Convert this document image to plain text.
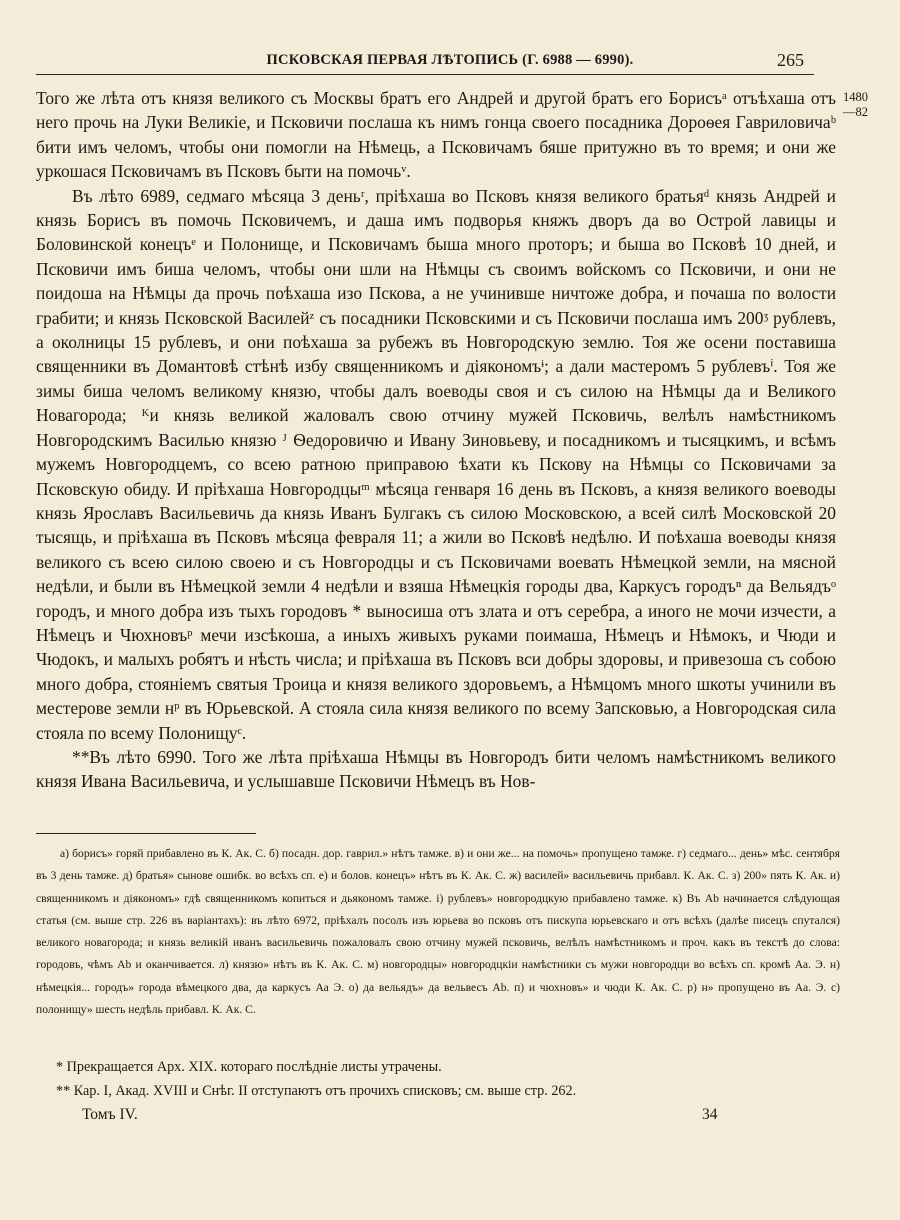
ПСКОВСКАЯ ПЕРВАЯ ЛѢТОПИСЬ (Г. 6988 — 6990).	265
1480
—82

Того же лѣта отъ князя великого съ Москвы братъ его Андрей и другой братъ его Борисъᵃ отъѣхаша отъ него прочь на Луки Великіе, и Псковичи послаша къ нимъ гонца своего посадника Дороѳея Гавриловичаᵇ бити имъ челомъ, чтобы они помогли на Нѣмець, а Псковичамъ бяше притужно въ то время; и они же уркошася Псковичамъ въ Псковъ быти на помочьᵛ.

Въ лѣто 6989, седмаго мѣсяца 3 деньʳ, пріѣхаша во Псковъ князя великого братьяᵈ князь Андрей и князь Борисъ въ помочь Псковичемъ, и даша имъ подворья княжъ дворъ да во Острой лавицы и Боловинской конецъᵉ и Полонище, и Псковичамъ быша много проторъ; и быша во Псковѣ 10 дней, и Псковичи имъ биша челомъ, чтобы они шли на Нѣмцы съ своимъ войскомъ со Псковичи, и они не поидоша на Нѣмцы да прочь поѣхаша изо Пскова, а не учинивше ничтоже добра, и почаша по волости грабити; и князь Псковской Василейᶻ съ посадники Псковскими и съ Псковичи послаша имъ 200ᶾ рублевъ, а околницы 15 рублевъ, и они поѣхаша за рубежъ въ Новгородскую землю. Тоя же осени поставиша священники въ Домантовѣ стѣнѣ избу священникомъ и діякономъᶤ; а дали мастеромъ 5 рублевъⁱ. Тоя же зимы биша челомъ великому князю, чтобы далъ воеводы своя и съ силою на Нѣмцы да и Великого Новагорода; ᴷи князь великой жаловалъ свою отчину мужей Псковичь, велѣлъ намѣстникомъ Новгородскимъ Василью князю ᴶ Ѳедоровичю и Ивану Зиновьеву, и посадникомъ и тысяцкимъ, и всѣмъ мужемъ Новгородцемъ, со всею ратною приправою ѣхати къ Пскову на Нѣмцы со Псковичами за Псковскую обиду. И пріѣхаша Новгородцыᵐ мѣсяца генваря 16 день въ Псковъ, а князя великого воеводы князь Ярославъ Васильевичь да князь Иванъ Булгакъ съ силою Московскою, а всей силѣ Московской 20 тысящь, и пріѣхаша въ Псковъ мѣсяца февраля 11; а жили во Псковѣ недѣлю. И поѣхаша воеводы князя великого съ всею силою своею и съ Новгородцы и съ Псковичами воевать Нѣмецкой земли, на мясной недѣли, и были въ Нѣмецкой земли 4 недѣли и взяша Нѣмецкія городы два, Каркусъ городъⁿ да Вельядъᵒ городъ, и много добра изъ тыхъ городовъ * выносиша отъ злата и отъ серебра, а иного не мочи изчести, а Нѣмецъ и Чюхновъᵖ мечи изсѣкоша, а иныхъ живыхъ руками поимаша, Нѣмецъ и Нѣмокъ, и Чюди и Чюдокъ, и малыхъ робятъ и нѣсть числа; и пріѣхаша въ Псковъ вси добры здоровы, и привезоша съ собою много добра, стояніемъ святыя Троица и князя великого здоровьемъ, а Нѣмцомъ много шкоты учинили въ местерове земли нᵖ въ Юрьевской. А стояла сила князя великого по всему Запсковью, а Новгородская сила стояла по всему Полонищуᶜ.

**Въ лѣто 6990. Того же лѣта пріѣхаша Нѣмцы въ Новгородъ бити челомъ намѣстникомъ великого князя Ивана Васильевича, и услышавше Псковичи Нѣмецъ въ Нов-

а) борисъ» горяй прибавлено въ К. Ак. С. б) посадн. дор. гаврил.» нѣтъ тамже. в) и они же... на помочь» пропущено тамже. г) седмаго... день» мѣс. сентября въ 3 день тамже. д) братья» сынове ошибк. во всѣхъ сп. е) и болов. конецъ» нѣтъ въ К. Ак. С. ж) василей» васильевичь прибавл. К. Ак. С. з) 200» пять К. Ак. и) священникомъ и діякономъ» гдѣ священникомъ копиться и дьякономъ тамже. і) рублевъ» новгородцкую прибавлено тамже. к) Въ Аb начинается слѣдующая статья (см. выше стр. 226 въ варіантахъ): въ лѣто 6972, пріѣхалъ посолъ изъ юрьева во псковъ отъ пискупа юрьевскаго и отъ всѣхъ (далѣе писецъ спутался) великого новагорода; и князь великій иванъ васильевичь пожаловалъ свою отчину мужей псковичь, велѣлъ намѣстникомъ и проч. какъ въ текстѣ до слова: городовъ, чѣмъ Аb и оканчивается. л) князю» нѣтъ въ К. Ак. С. м) новгородцы» новгородцкіи намѣстники съ мужи новгородци во всѣхъ сп. кромѣ Аа. Э. н) нѣмецкія... городъ» города вѣмецкого два, да каркусъ Аа Э. о) да вельядъ» да вельвесъ Аb. п) и чюхновъ» и чюди К. Ак. С. р) н» пропущено въ Аа. Э. с) полонищу» шесть недѣль прибавл. К. Ак. С.

* Прекращается Арх. XIX. котораго послѣдніе листы утрачены.

** Кар. I, Акад. XVIII и Снѣг. II отступаютъ отъ прочихъ списковъ; см. выше стр. 262.

Томъ IV.	34
